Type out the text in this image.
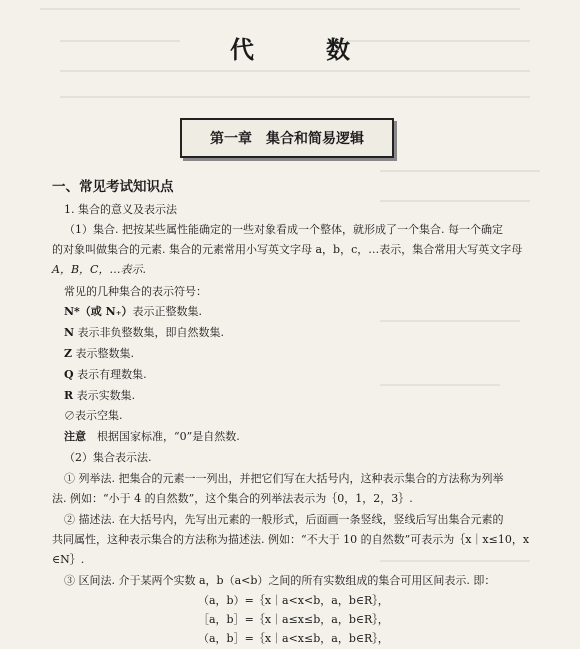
代　数
第一章 集合和简易逻辑
一、常见考试知识点
1. 集合的意义及表示法
（1）集合. 把按某些属性能确定的一些对象看成一个整体，就形成了一个集合. 每一个确定
的对象叫做集合的元素. 集合的元素常用小写英文字母 a，b，c，…表示，集合常用大写英文字母
A，B，C，…表示.
常见的几种集合的表示符号：
N*（或 N₊）表示正整数集.
N 表示非负整数集，即自然数集.
Z 表示整数集.
Q 表示有理数集.
R 表示实数集.
∅表示空集.
注意　根据国家标准，“0”是自然数.
（2）集合表示法.
① 列举法. 把集合的元素一一列出，并把它们写在大括号内，这种表示集合的方法称为列举
法. 例如：“小于 4 的自然数”，这个集合的列举法表示为｛0，1，2，3｝.
② 描述法. 在大括号内，先写出元素的一般形式，后面画一条竖线，竖线后写出集合元素的
共同属性，这种表示集合的方法称为描述法. 例如：“不大于 10 的自然数”可表示为｛x｜x≤10，x
∈N｝.
③ 区间法. 介于某两个实数 a，b（a<b）之间的所有实数组成的集合可用区间表示. 即：
（a，b）=｛x｜a<x<b，a，b∈R｝，
［a，b］=｛x｜a≤x≤b，a，b∈R｝，
（a，b］=｛x｜a<x≤b，a，b∈R｝，
